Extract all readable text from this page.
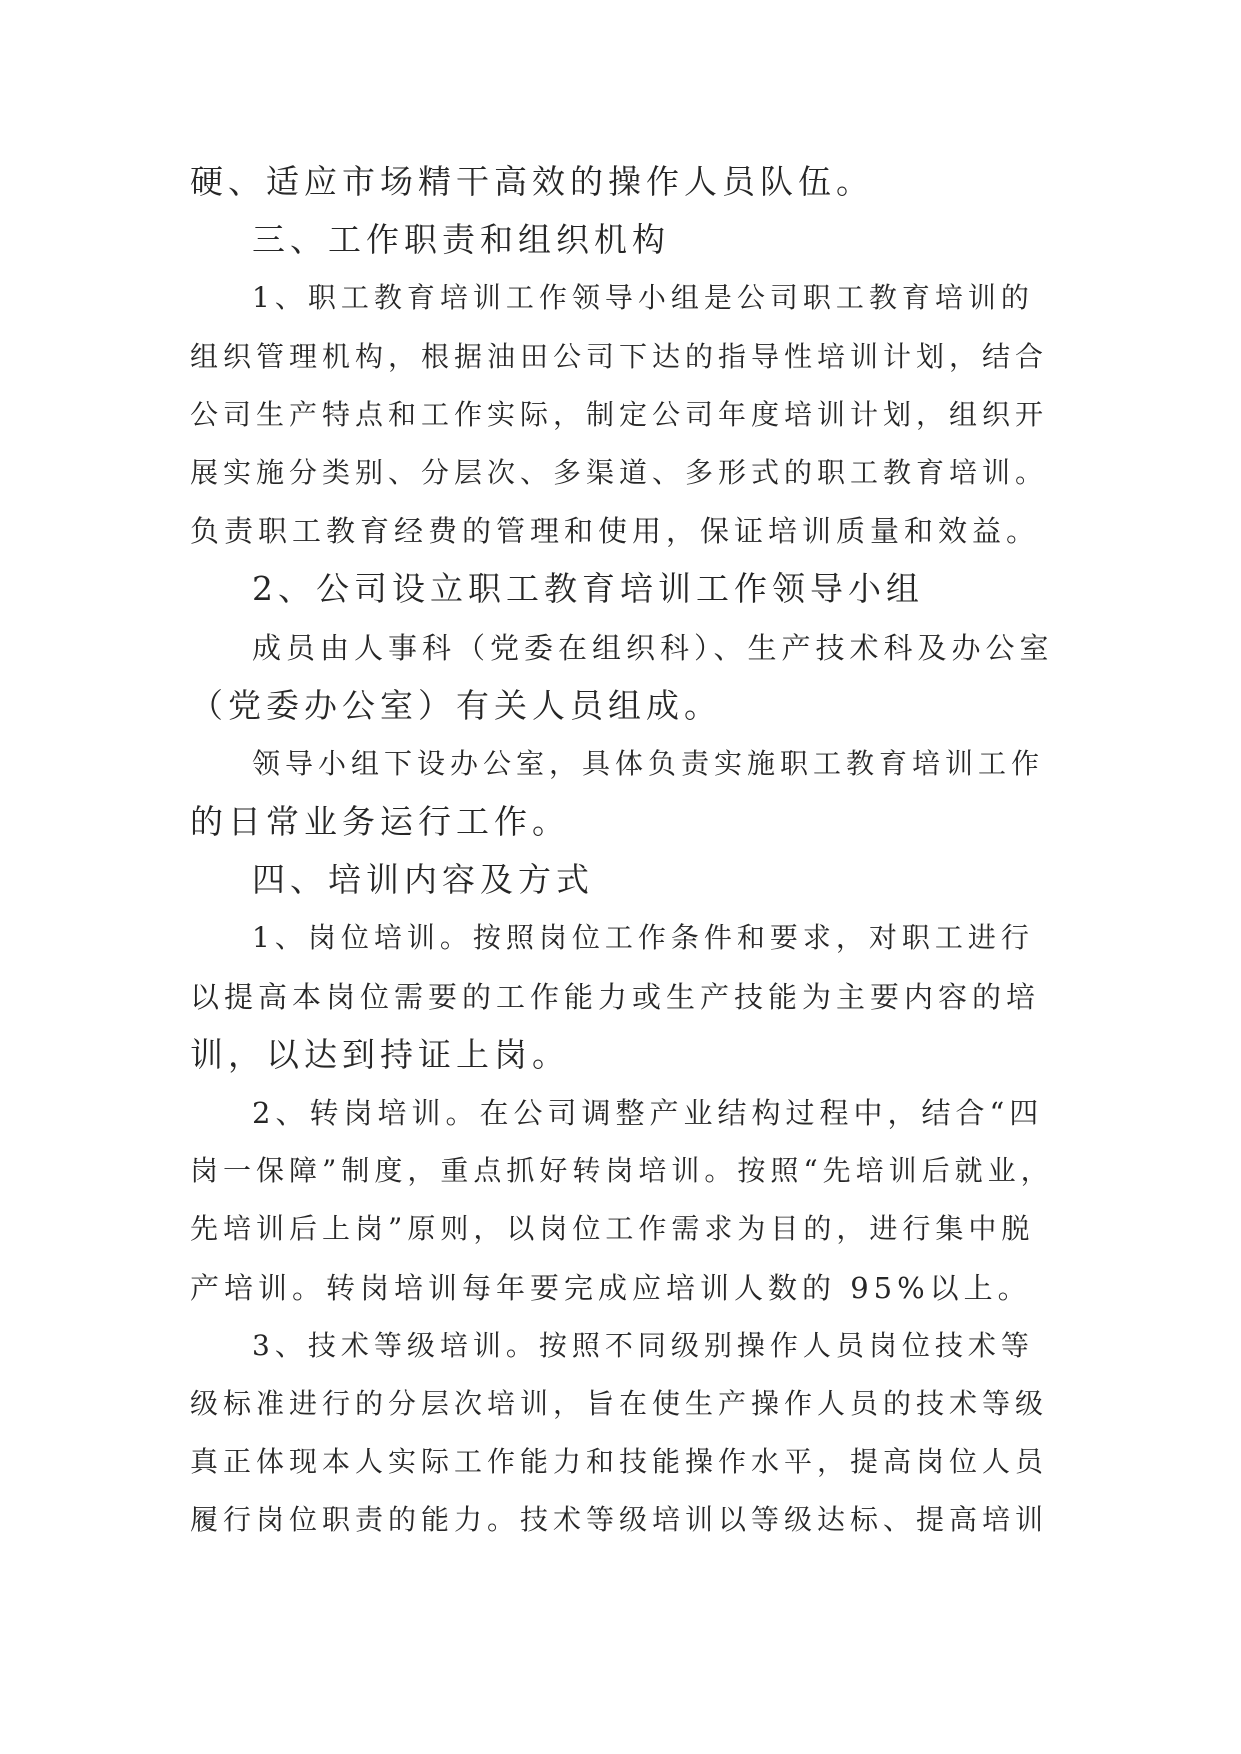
硬、适应市场精干高效的操作人员队伍。
三、工作职责和组织机构
1、职工教育培训工作领导小组是公司职工教育培训的
组织管理机构，根据油田公司下达的指导性培训计划，结合
公司生产特点和工作实际，制定公司年度培训计划，组织开
展实施分类别、分层次、多渠道、多形式的职工教育培训。
负责职工教育经费的管理和使用，保证培训质量和效益。
2、公司设立职工教育培训工作领导小组
成员由人事科（党委在组织科）、生产技术科及办公室
（党委办公室）有关人员组成。
领导小组下设办公室，具体负责实施职工教育培训工作
的日常业务运行工作。
四、培训内容及方式
1、岗位培训。按照岗位工作条件和要求，对职工进行
以提高本岗位需要的工作能力或生产技能为主要内容的培
训，以达到持证上岗。
2、转岗培训。在公司调整产业结构过程中，结合“四
岗一保障”制度，重点抓好转岗培训。按照“先培训后就业，
先培训后上岗”原则，以岗位工作需求为目的，进行集中脱
产培训。转岗培训每年要完成应培训人数的 95%以上。
3、技术等级培训。按照不同级别操作人员岗位技术等
级标准进行的分层次培训，旨在使生产操作人员的技术等级
真正体现本人实际工作能力和技能操作水平，提高岗位人员
履行岗位职责的能力。技术等级培训以等级达标、提高培训
